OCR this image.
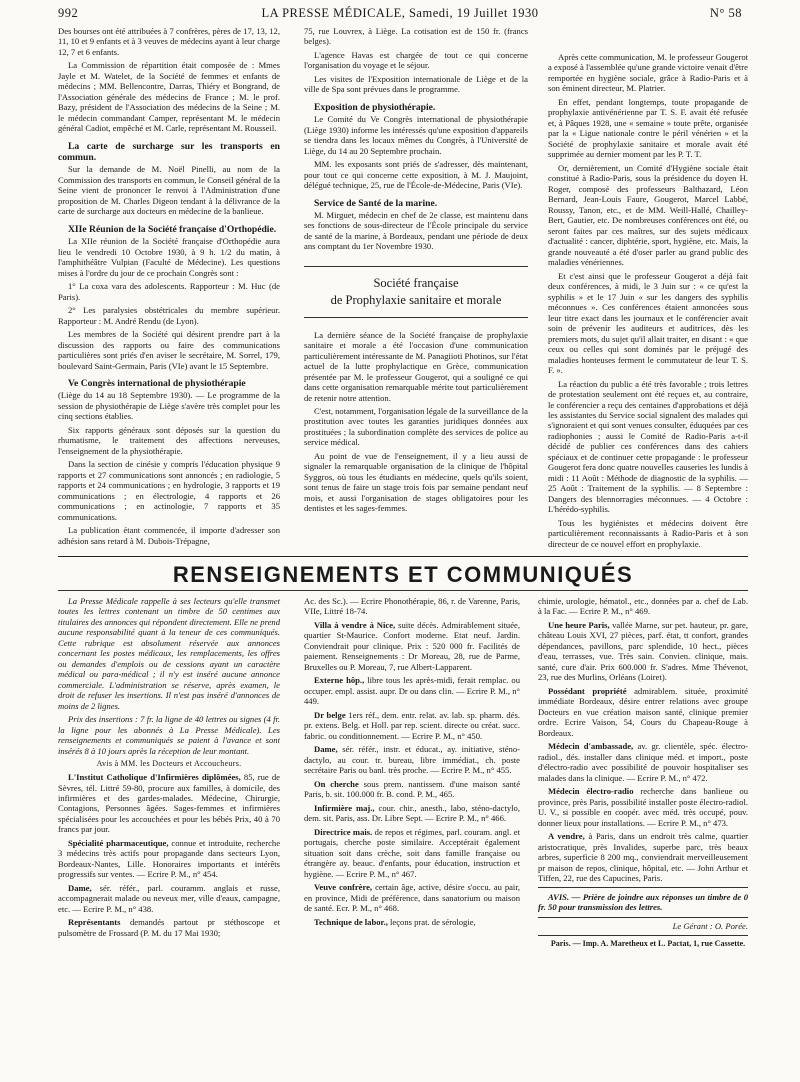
992	LA PRESSE MÉDICALE, Samedi, 19 Juillet 1930	N° 58

Des bourses ont été attribuées à 7 confrères, pères de 17, 13, 12, 11, 10 et 9 enfants et à 3 veuves de médecins ayant à leur charge 12, 7 et 6 enfants.

La Commission de répartition était composée de : Mmes Jayle et M. Watelet, de la Société de femmes et enfants de médecins ; MM. Bellencontre, Darras, Thiéry et Bongrand, de l'Association générale des médecins de France ; M. le prof. Bazy, président de l'Association des médecins de la Seine ; M. le médecin commandant Camper, représentant M. le médecin général Cadiot, empêché et M. Carle, représentant M. Rousseil.

La carte de surcharge sur les transports en commun.

Sur la demande de M. Noël Pinelli, au nom de la Commission des transports en commun, le Conseil général de la Seine vient de prononcer le renvoi à l'Administration d'une proposition de M. Charles Digeon tendant à la délivrance de la carte de surcharge aux docteurs en médecine de la banlieue.

XIIe Réunion de la Société française d'Orthopédie.

La XIIe réunion de la Société française d'Orthopédie aura lieu le vendredi 10 Octobre 1930, à 9 h. 1/2 du matin, à l'amphithéâtre Vulpian (Faculté de Médecine). Les questions mises à l'ordre du jour de ce prochain Congrès sont :

1° La coxa vara des adolescents. Rapporteur : M. Huc (de Paris).

2° Les paralysies obstétricales du membre supérieur. Rapporteur : M. André Rendu (de Lyon).

Les membres de la Société qui désirent prendre part à la discussion des rapports ou faire des communications particulières sont priés d'en aviser le secrétaire, M. Sorrel, 179, boulevard Saint-Germain, Paris (VIe) avant le 15 Septembre.

Ve Congrès international de physiothérapie

(Liège du 14 au 18 Septembre 1930). — Le programme de la session de physiothérapie de Liège s'avère très complet pour les cinq sections établies.

Six rapports généraux sont déposés sur la question du rhumatisme, le traitement des affections nerveuses, l'enseignement de la physiothérapie.

Dans la section de cinésie y compris l'éducation physique 9 rapports et 27 communications sont annoncés ; en radiologie, 5 rapports et 24 communications ; en hydrologie, 3 rapports et 19 communications ; en électrologie, 4 rapports et 26 communications ; en actinologie, 7 rapports et 35 communications.

La publication étant commencée, il importe d'adresser son adhésion sans retard à M. Dubois-Trépagne,

75, rue Louvrex, à Liège. La cotisation est de 150 fr. (francs belges).

L'agence Havas est chargée de tout ce qui concerne l'organisation du voyage et le séjour.

Les visites de l'Exposition internationale de Liège et de la ville de Spa sont prévues dans le programme.

Exposition de physiothérapie.

Le Comité du Ve Congrès international de physiothérapie (Liège 1930) informe les intéressés qu'une exposition d'appareils se tiendra dans les locaux mêmes du Congrès, à l'Université de Liège, du 14 au 20 Septembre prochain.

MM. les exposants sont priés de s'adresser, dès maintenant, pour tout ce qui concerne cette exposition, à M. J. Maujoint, délégué technique, 25, rue de l'École-de-Médecine, Paris (VIe).

Service de Santé de la marine.

M. Mirguet, médecin en chef de 2e classe, est maintenu dans ses fonctions de sous-directeur de l'École principale du service de santé de la marine, à Bordeaux, pendant une période de deux ans comptant du 1er Novembre 1930.

Société française
de Prophylaxie sanitaire et morale

La dernière séance de la Société française de prophylaxie sanitaire et morale a été l'occasion d'une communication particulièrement intéressante de M. Panagiioti Photinos, sur l'état actuel de la lutte prophylactique en Grèce, communication présentée par M. le professeur Gougerot, qui a souligné ce qui dans cette organisation remarquable mérite tout particulièrement de retenir notre attention.

C'est, notamment, l'organisation légale de la surveillance de la prostitution avec toutes les garanties juridiques données aux prostituées ; la subordination complète des services de police au service médical.

Au point de vue de l'enseignement, il y a lieu aussi de signaler la remarquable organisation de la clinique de l'hôpital Syggros, où tous les étudiants en médecine, quels qu'ils soient, sont tenus de faire un stage trois fois par semaine pendant neuf mois, et aussi l'organisation de stages obligatoires pour les dentistes et les sages-femmes.

Après cette communication, M. le professeur Gougerot a exposé à l'assemblée qu'une grande victoire venait d'être remportée en hygiène sociale, grâce à Radio-Paris et à son éminent directeur, M. Platrier.

En effet, pendant longtemps, toute propagande de prophylaxie antivénérienne par T. S. F. avait été refusée et, à Pâques 1928, une « semaine » toute prête, organisée par la « Ligue nationale contre le péril vénérien » et la Société de prophylaxie sanitaire et morale avait été supprimée au dernier moment par les P. T. T.

Or, dernièrement, un Comité d'Hygiène sociale était constitué à Radio-Paris, sous la présidence du doyen H. Roger, composé des professeurs Balthazard, Léon Bernard, Jean-Louis Faure, Gougerot, Marcel Labbé, Roussy, Tanon, etc., et de MM. Weill-Hallé, Chailley-Bert, Gautier, etc. De nombreuses conférences ont été, ou seront faites par ces maîtres, sur des sujets médicaux d'actualité : cancer, diphtérie, sport, hygiène, etc. Mais, la grande nouveauté a été d'oser parler au grand public des maladies vénériennes.

Et c'est ainsi que le professeur Gougerot a déjà fait deux conférences, à midi, le 3 Juin sur : « ce qu'est la syphilis » et le 17 Juin « sur les dangers des syphilis méconnues ». Ces conférences étaient annoncées sous leur titre exact dans les journaux et le conférencier avait soin de prévenir les auditeurs et auditrices, dès les premiers mots, du sujet qu'il allait traiter, en disant : « que ceux ou celles qui sont dominés par le préjugé des maladies honteuses ferment le commutateur de leur T. S. F. ».

La réaction du public a été très favorable ; trois lettres de protestation seulement ont été reçues et, au contraire, le conférencier a reçu des centaines d'approbations et déjà les assistantes du Service social signalent des malades qui s'ignoraient et qui sont venues consulter, éduquées par ces radiophonies ; aussi le Comité de Radio-Paris a-t-il décidé de publier ces conférences dans des cahiers spéciaux et de continuer cette propagande : le professeur Gougerot fera donc quatre nouvelles causeries les lundis à midi : 11 Août : Méthode de diagnostic de la syphilis. — 25 Août : Traitement de la syphilis. — 8 Septembre : Dangers des blennorragies méconnues. — 4 Octobre : L'hérédo-syphilis.

Tous les hygiénistes et médecins doivent être particulièrement reconnaissants à Radio-Paris et à son directeur de ce nouvel effort en prophylaxie.

RENSEIGNEMENTS ET COMMUNIQUÉS

La Presse Médicale rappelle à ses lecteurs qu'elle transmet toutes les lettres contenant un timbre de 50 centimes aux titulaires des annonces qui répondent directement. Elle ne prend aucune responsabilité quant à la teneur de ces communiqués. Cette rubrique est absolument réservée aux annonces concernant les postes médicaux, les remplacements, les offres ou demandes d'emplois ou de cessions ayant un caractère médical ou para-médical ; il n'y est inséré aucune annonce commerciale. L'administration se réserve, après examen, le droit de refuser les insertions. Il n'est pas inséré d'annonces de moins de 2 lignes.

Prix des insertions : 7 fr. la ligne de 40 lettres ou signes (4 fr. la ligne pour les abonnés à La Presse Médicale). Les renseignements et communiqués se paient à l'avance et sont insérés 8 à 10 jours après la réception de leur montant.

Avis à MM. les Docteurs et Accoucheurs.

L'Institut Catholique d'Infirmières diplômées, 85, rue de Sèvres, tél. Littré 59-80, procure aux familles, à domicile, des infirmières et des gardes-malades. Médecine, Chirurgie, Contagions, Personnes âgées. Sages-femmes et infirmières spécialisées pour les accouchées et pour les bébés Prix, 40 à 70 francs par jour.

Spécialité pharmaceutique, connue et introduite, recherche 3 médecins très actifs pour propagande dans secteurs Lyon, Bordeaux-Nantes, Lille. Honoraires importants et intérêts progressifs sur ventes. — Ecrire P. M., n° 454.

Dame, sér. référ., parl. couramm. anglais et russe, accompagnerait malade ou neveux mer, ville d'eaux, campagne, etc. — Ecrire P. M., n° 438.

Représentants demandés partout pr stéthoscope et pulsomètre de Frossard (P. M. du 17 Mai 1930;

Ac. des Sc.). — Ecrire Phonothérapie, 86, r. de Varenne, Paris, VIIe, Littré 18-74.

Villa à vendre à Nice, suite décès. Admirablement située, quartier St-Maurice. Confort moderne. Etat neuf. Jardin. Conviendrait pour clinique. Prix : 520 000 fr. Facilités de paiement. Renseignements : Dr Moreau, 28, rue de Parme, Bruxelles ou P. Moreau, 7, rue Albert-Lapparent.

Externe hôp., libre tous les après-midi, ferait remplac. ou occuper. empl. assist. aupr. Dr ou dans clin. — Ecrire P. M., n° 449.

Dr belge 1ers réf., dem. entr. relat. av. lab. sp. pharm. dés. pr. extens. Belg. et Holl. par rep. scient. directe ou créat. succ. fabric. ou conditionnement. — Ecrire P. M., n° 450.

Dame, sér. référ., instr. et éducat., ay. initiative, sténo-dactylo, au cour. tr. bureau, libre immédiat., ch. poste secrétaire Paris ou banl. très proche. — Ecrire P. M., n° 455.

On cherche sous prem. nantissem. d'une maison santé Paris, b. sit. 100.000 fr. B. cond. P. M., 465.

Infirmière maj., cour. chir., anesth., labo, sténo-dactylo, dem. sit. Paris, ass. Dr. Libre Sept. — Ecrire P. M., n° 466.

Directrice mais. de repos et régimes, parl. couram. angl. et portugais, cherche poste similaire. Acceptérait également situation soit dans crèche, soit dans famille française ou étrangère ay. beauc. d'enfants, pour éducation, instruction et hygiène. — Ecrire P. M., n° 467.

Veuve confrère, certain âge, active, désire s'occu. au pair, en province, Midi de préférence, dans sanatorium ou maison de santé. Ecr. P. M., n° 468.

Technique de labor., leçons prat. de sérologie,

chimie, urologie, hématol., etc., données par a. chef de Lab. à la Fac. — Ecrire P. M., n° 469.

Une heure Paris, vallée Marne, sur pet. hauteur, pr. gare, château Louis XVI, 27 pièces, parf. état, tt confort, grandes dépendances, pavillons, parc splendide, 10 hect., pièces d'eau, terrasses, vue. Très sain. Convien. clinique, mais. santé, cure d'air. Prix 600.000 fr. S'adres. Mme Thévenot, 23, rue des Murlins, Orléans (Loiret).

Possédant propriété admirablem. située, proximité immédiate Bordeaux, désire entrer relations avec groupe Docteurs en vue création maison santé, clinique premier ordre. Ecrire Vaison, 54, Cours du Chapeau-Rouge à Bordeaux.

Médecin d'ambassade, av. gr. clientèle, spéc. électro-radiol., dés. installer dans clinique méd. et import., poste d'électro-radio avec possibilité de pouvoir hospitaliser ses malades dans la clinique. — Ecrire P. M., n° 472.

Médecin électro-radio recherche dans banlieue ou province, près Paris, possibilité installer poste électro-radiol. U. V., si possible en coopér. avec méd. très occupé, pouv. donner lieux pour installations. — Ecrire P. M., n° 473.

A vendre, à Paris, dans un endroit très calme, quartier aristocratique, près Invalides, superbe parc, très beaux arbres, superficie 8 200 mq., conviendrait merveilleusement pr maison de repos, clinique, hôpital, etc. — John Arthur et Tiffen, 22, rue des Capucines, Paris.

AVIS. — Prière de joindre aux réponses un timbre de 0 fr. 50 pour transmission des lettres.

Le Gérant : O. Porée.

Paris. — Imp. A. Maretheux et L. Pactat, 1, rue Cassette.
